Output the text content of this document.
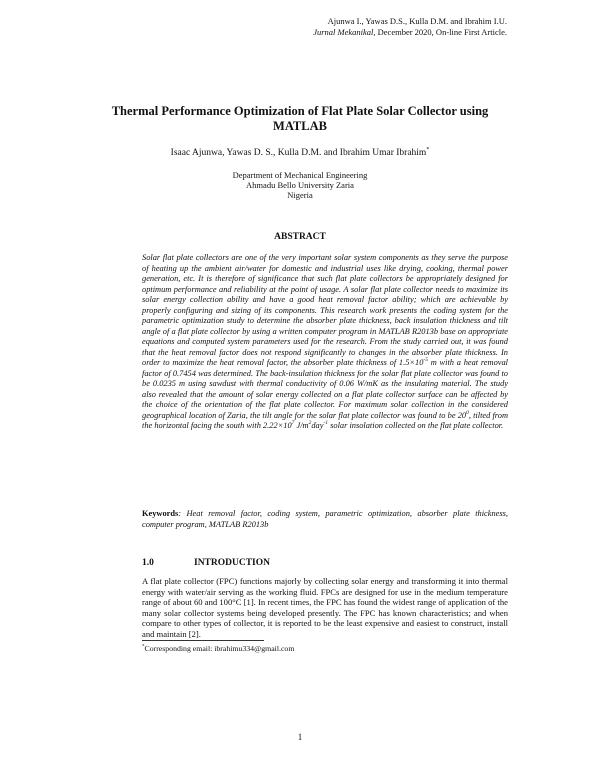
Ajunwa I., Yawas D.S., Kulla D.M. and Ibrahim I.U.
Jurnal Mekanikal, December 2020, On-line First Article.
Thermal Performance Optimization of Flat Plate Solar Collector using MATLAB
Isaac Ajunwa, Yawas D. S., Kulla D.M. and Ibrahim Umar Ibrahim*
Department of Mechanical Engineering
Ahmadu Bello University Zaria
Nigeria
ABSTRACT

Solar flat plate collectors are one of the very important solar system components as they serve the purpose of heating up the ambient air/water for domestic and industrial uses like drying, cooking, thermal power generation, etc. It is therefore of significance that such flat plate collectors be appropriately designed for optimum performance and reliability at the point of usage. A solar flat plate collector needs to maximize its solar energy collection ability and have a good heat removal factor ability; which are achievable by properly configuring and sizing of its components. This research work presents the coding system for the parametric optimization study to determine the absorber plate thickness, back insulation thickness and tilt angle of a flat plate collector by using a written computer program in MATLAB R2013b base on appropriate equations and computed system parameters used for the research. From the study carried out, it was found that the heat removal factor does not respond significantly to changes in the absorber plate thickness. In order to maximize the heat removal factor, the absorber plate thickness of $1.5\times 10^{-5}$ m with a heat removal factor of 0.7454 was determined. The back-insulation thickness for the solar flat plate collector was found to be 0.0235 m using sawdust with thermal conductivity of 0.06 W/mK as the insulating material. The study also revealed that the amount of solar energy collected on a flat plate collector surface can be affected by the choice of the orientation of the flat plate collector. For maximum solar collection in the considered geographical location of Zaria, the tilt angle for the solar flat plate collector was found to be $20^0$, tilted from the horizontal facing the south with $2.22\times 10^7$ $J/m^2day^{-1}$ solar insolation collected on the flat plate collector.

Keywords: Heat removal factor, coding system, parametric optimization, absorber plate thickness, computer program, MATLAB R2013b

1.0	INTRODUCTION

A flat plate collector (FPC) functions majorly by collecting solar energy and transforming it into thermal energy with water/air serving as the working fluid. FPCs are designed for use in the medium temperature range of about 60 and 100°C [1]. In recent times, the FPC has found the widest range of application of the many solar collector systems being developed presently. The FPC has known characteristics; and when compare to other types of collector, it is reported to be the least expensive and easiest to construct, install and maintain [2].

*Corresponding email: ibrahimu334@gmail.com
1
